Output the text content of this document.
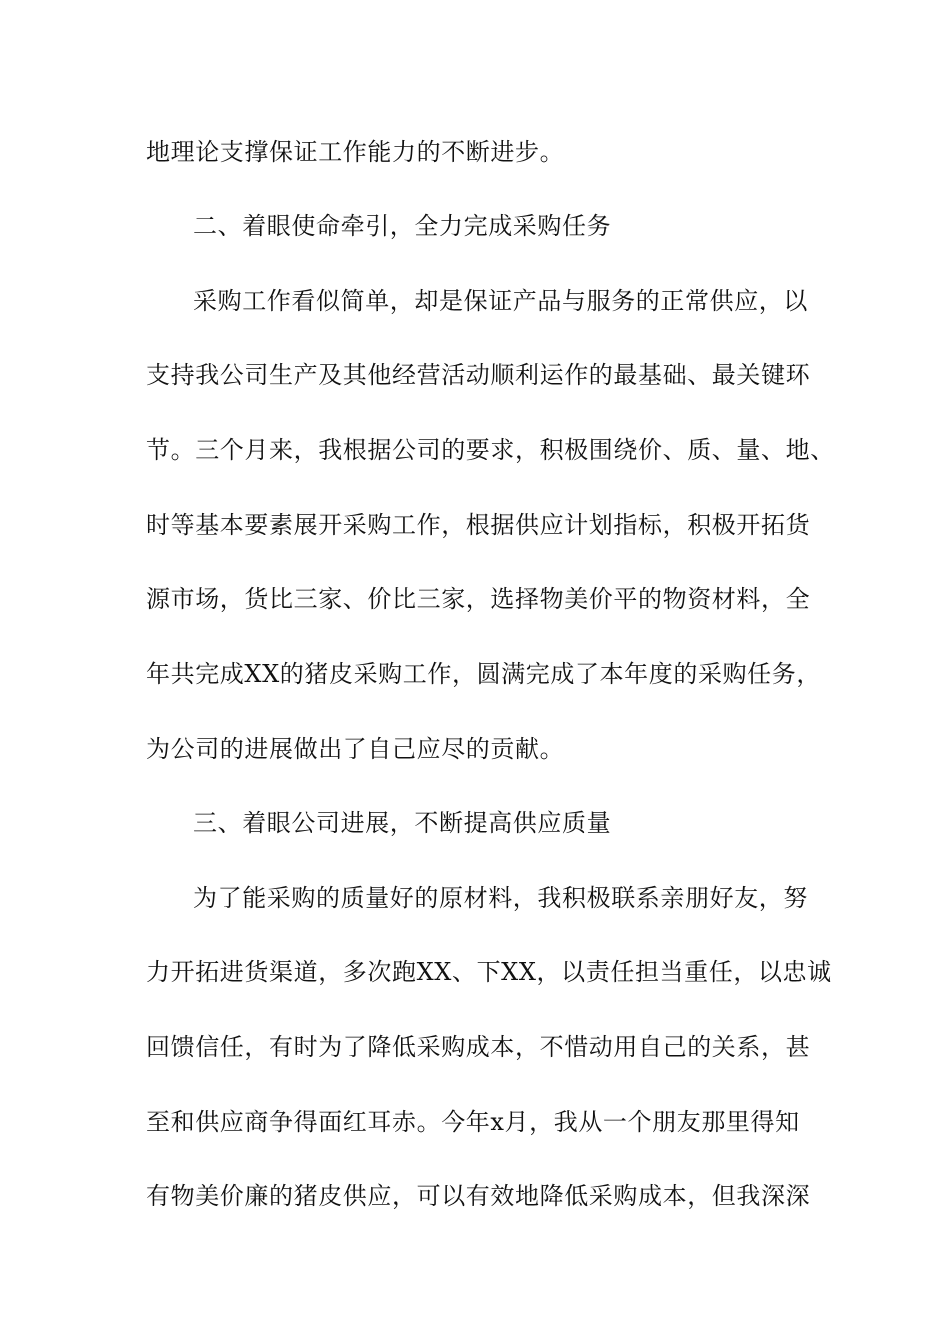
地理论支撑保证工作能力的不断进步。
二、着眼使命牵引，全力完成采购任务
采购工作看似简单，却是保证产品与服务的正常供应，以
支持我公司生产及其他经营活动顺利运作的最基础、最关键环
节。三个月来，我根据公司的要求，积极围绕价、质、量、地、
时等基本要素展开采购工作，根据供应计划指标，积极开拓货
源市场，货比三家、价比三家，选择物美价平的物资材料，全
年共完成XX的猪皮采购工作，圆满完成了本年度的采购任务，
为公司的进展做出了自己应尽的贡献。
三、着眼公司进展，不断提高供应质量
为了能采购的质量好的原材料，我积极联系亲朋好友，努
力开拓进货渠道，多次跑XX、下XX，以责任担当重任，以忠诚
回馈信任，有时为了降低采购成本，不惜动用自己的关系，甚
至和供应商争得面红耳赤。今年x月，我从一个朋友那里得知
有物美价廉的猪皮供应，可以有效地降低采购成本，但我深深
